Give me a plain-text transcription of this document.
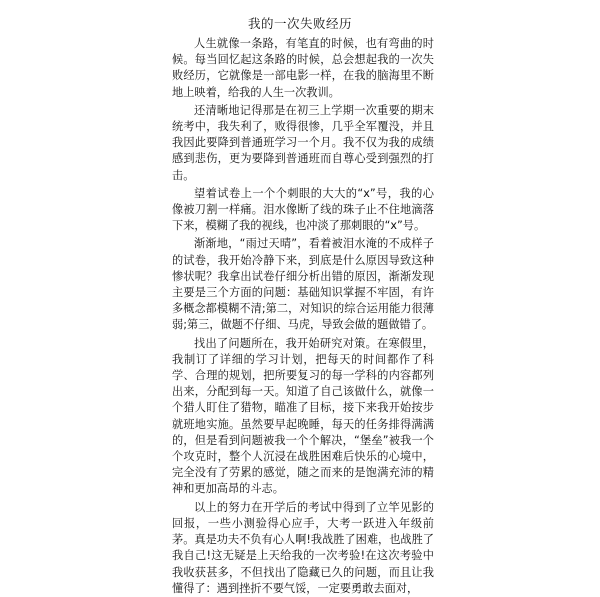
我的一次失败经历

人生就像一条路，有笔直的时候，也有弯曲的时候。每当回忆起这条路的时候，总会想起我的一次失败经历，它就像是一部电影一样，在我的脑海里不断地上映着，给我的人生一次教训。

还清晰地记得那是在初三上学期一次重要的期末统考中，我失利了，败得很惨，几乎全军覆没，并且我因此要降到普通班学习一个月。我不仅为我的成绩感到悲伤，更为要降到普通班而自尊心受到强烈的打击。

望着试卷上一个个刺眼的大大的“x”号，我的心像被刀割一样痛。泪水像断了线的珠子止不住地滴落下来，模糊了我的视线，也冲淡了那刺眼的“x”号。

渐渐地，“雨过天晴”，看着被泪水淹的不成样子的试卷，我开始冷静下来，到底是什么原因导致这种惨状呢？我拿出试卷仔细分析出错的原因，渐渐发现主要是三个方面的问题：基础知识掌握不牢固，有许多概念都模糊不清;第二，对知识的综合运用能力很薄弱;第三，做题不仔细、马虎，导致会做的题做错了。

找出了问题所在，我开始研究对策。在寒假里，我制订了详细的学习计划，把每天的时间都作了科学、合理的规划，把所要复习的每一学科的内容都列出来，分配到每一天。知道了自己该做什么，就像一个猎人盯住了猎物，瞄准了目标，接下来我开始按步就班地实施。虽然要早起晚睡，每天的任务排得满满的，但是看到问题被我一个个解决，“堡垒”被我一个个攻克时，整个人沉浸在战胜困难后快乐的心境中，完全没有了劳累的感觉，随之而来的是饱满充沛的精神和更加高昂的斗志。

以上的努力在开学后的考试中得到了立竿见影的回报，一些小测验得心应手，大考一跃进入年级前茅。真是功夫不负有心人啊!我战胜了困难，也战胜了我自己!这无疑是上天给我的一次考验!在这次考验中我收获甚多，不但找出了隐藏已久的问题，而且让我懂得了：遇到挫折不要气馁，一定要勇敢去面对，
